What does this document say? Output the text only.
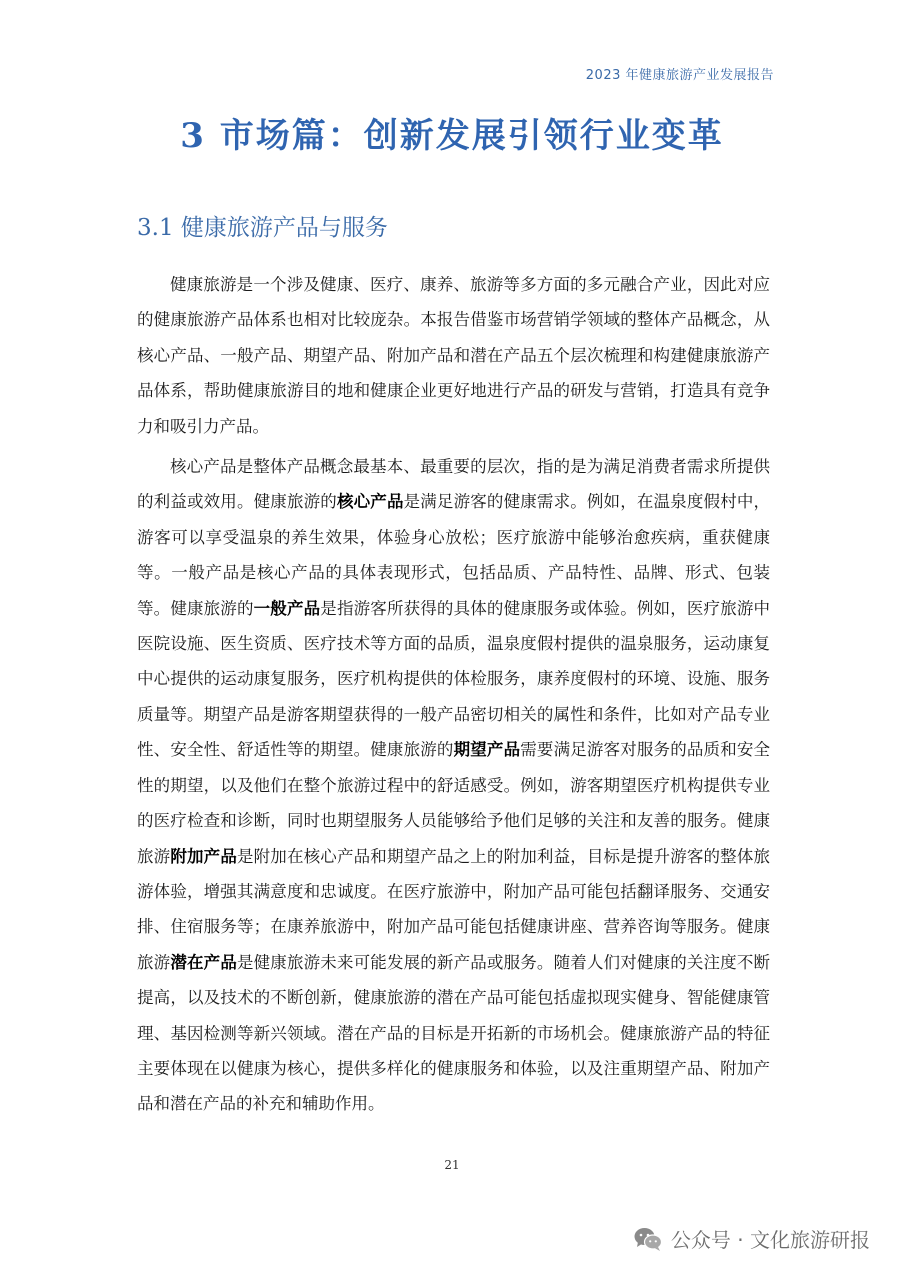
2023 年健康旅游产业发展报告
3 市场篇：创新发展引领行业变革
3.1 健康旅游产品与服务

健康旅游是一个涉及健康、医疗、康养、旅游等多方面的多元融合产业，因此对应的健康旅游产品体系也相对比较庞杂。本报告借鉴市场营销学领域的整体产品概念，从核心产品、一般产品、期望产品、附加产品和潜在产品五个层次梳理和构建健康旅游产品体系，帮助健康旅游目的地和健康企业更好地进行产品的研发与营销，打造具有竞争力和吸引力产品。

核心产品是整体产品概念最基本、最重要的层次，指的是为满足消费者需求所提供的利益或效用。健康旅游的核心产品是满足游客的健康需求。例如，在温泉度假村中，游客可以享受温泉的养生效果，体验身心放松；医疗旅游中能够治愈疾病，重获健康等。一般产品是核心产品的具体表现形式，包括品质、产品特性、品牌、形式、包装等。健康旅游的一般产品是指游客所获得的具体的健康服务或体验。例如，医疗旅游中医院设施、医生资质、医疗技术等方面的品质，温泉度假村提供的温泉服务，运动康复中心提供的运动康复服务，医疗机构提供的体检服务，康养度假村的环境、设施、服务质量等。期望产品是游客期望获得的一般产品密切相关的属性和条件，比如对产品专业性、安全性、舒适性等的期望。健康旅游的期望产品需要满足游客对服务的品质和安全性的期望，以及他们在整个旅游过程中的舒适感受。例如，游客期望医疗机构提供专业的医疗检查和诊断，同时也期望服务人员能够给予他们足够的关注和友善的服务。健康旅游附加产品是附加在核心产品和期望产品之上的附加利益，目标是提升游客的整体旅游体验，增强其满意度和忠诚度。在医疗旅游中，附加产品可能包括翻译服务、交通安排、住宿服务等；在康养旅游中，附加产品可能包括健康讲座、营养咨询等服务。健康旅游潜在产品是健康旅游未来可能发展的新产品或服务。随着人们对健康的关注度不断提高，以及技术的不断创新，健康旅游的潜在产品可能包括虚拟现实健身、智能健康管理、基因检测等新兴领域。潜在产品的目标是开拓新的市场机会。健康旅游产品的特征主要体现在以健康为核心，提供多样化的健康服务和体验，以及注重期望产品、附加产品和潜在产品的补充和辅助作用。

21
公众号 · 文化旅游研报
